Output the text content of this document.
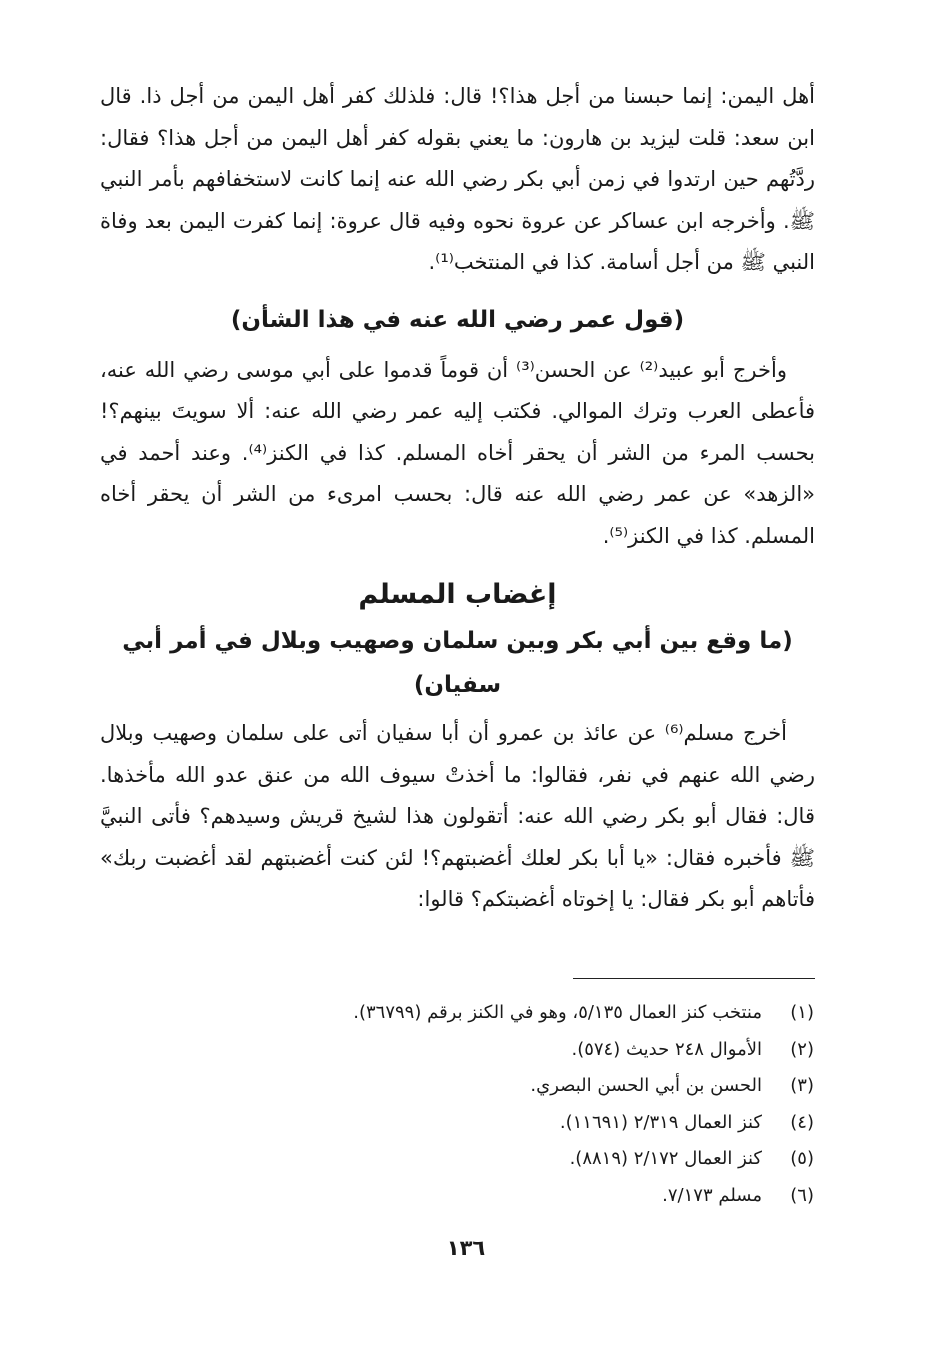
أهل اليمن: إنما حبسنا من أجل هذا؟! قال: فلذلك كفر أهل اليمن من أجل ذا. قال ابن سعد: قلت ليزيد بن هارون: ما يعني بقوله كفر أهل اليمن من أجل هذا؟ فقال: ردَّتُهم حين ارتدوا في زمن أبي بكر رضي الله عنه إنما كانت لاستخفافهم بأمر النبي ﷺ. وأخرجه ابن عساكر عن عروة نحوه وفيه قال عروة: إنما كفرت اليمن بعد وفاة النبي ﷺ من أجل أسامة. كذا في المنتخب⁽¹⁾.

(قول عمر رضي الله عنه في هذا الشأن)

وأخرج أبو عبيد⁽²⁾ عن الحسن⁽³⁾ أن قوماً قدموا على أبي موسى رضي الله عنه، فأعطى العرب وترك الموالي. فكتب إليه عمر رضي الله عنه: ألا سويتَ بينهم؟! بحسب المرء من الشر أن يحقر أخاه المسلم. كذا في الكنز⁽⁴⁾. وعند أحمد في «الزهد» عن عمر رضي الله عنه قال: بحسب امرىء من الشر أن يحقر أخاه المسلم. كذا في الكنز⁽⁵⁾.

إغضاب المسلم

(ما وقع بين أبي بكر وبين سلمان وصهيب وبلال في أمر أبي سفيان)

أخرج مسلم⁽⁶⁾ عن عائذ بن عمرو أن أبا سفيان أتى على سلمان وصهيب وبلال رضي الله عنهم في نفر، فقالوا: ما أخذتْ سيوف الله من عنق عدو الله مأخذها. قال: فقال أبو بكر رضي الله عنه: أتقولون هذا لشيخ قريش وسيدهم؟ فأتى النبيَّ ﷺ فأخبره فقال: «يا أبا بكر لعلك أغضبتهم؟! لئن كنت أغضبتهم لقد أغضبت ربك» فأتاهم أبو بكر فقال: يا إخوتاه أغضبتكم؟ قالوا:

(١)منتخب كنز العمال ٥/١٣٥، وهو في الكنز برقم (٣٦٧٩٩).

(٢)الأموال ٢٤٨ حديث (٥٧٤).

(٣)الحسن بن أبي الحسن البصري.

(٤)كنز العمال ٢/٣١٩ (١١٦٩١).

(٥)كنز العمال ٢/١٧٢ (٨٨١٩).

(٦)مسلم ٧/١٧٣.

١٣٦
